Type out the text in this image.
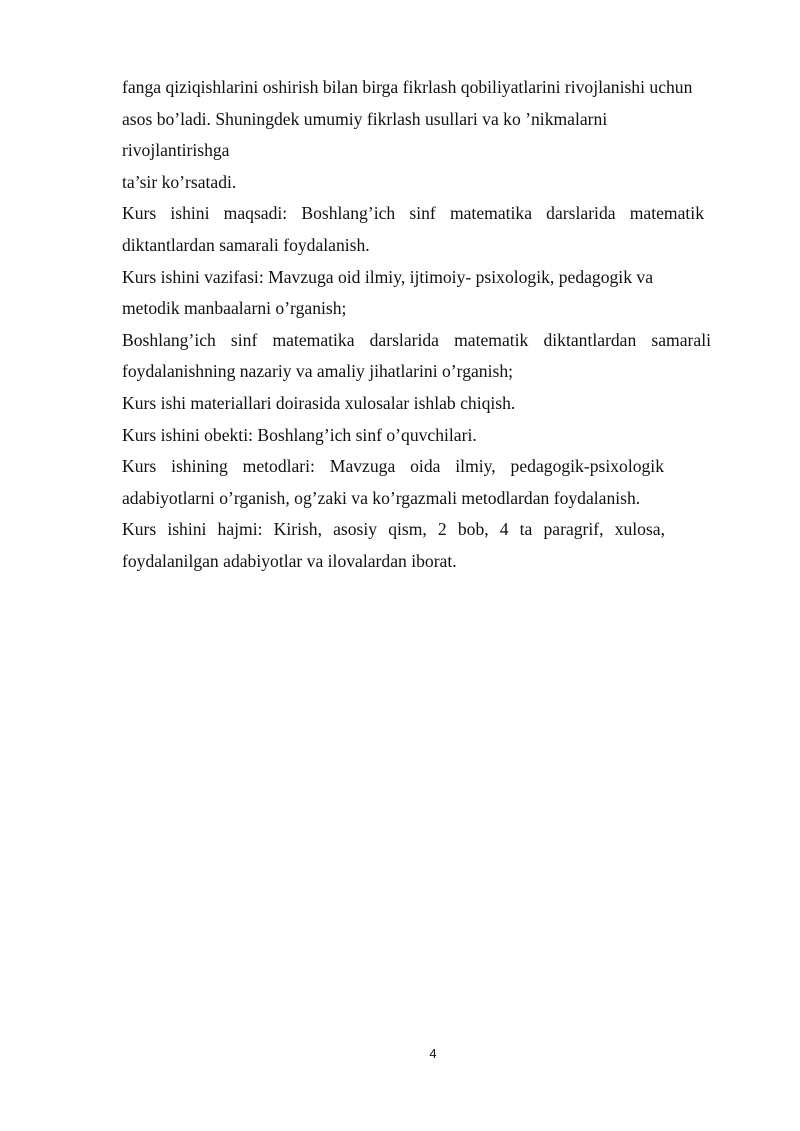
fanga qiziqishlarini oshirish bilan birga fikrlash qobiliyatlarini rivojlanishi uchun
asos bo’ladi. Shuningdek umumiy fikrlash usullari va ko ’nikmalarni
rivojlantirishga
ta’sir ko’rsatadi.
Kurs ishini maqsadi: Boshlang’ich sinf matematika darslarida matematik
diktantlardan samarali foydalanish.
Kurs ishini vazifasi: Mavzuga oid ilmiy, ijtimoiy- psixologik, pedagogik va
metodik manbaalarni o’rganish;
Boshlang’ich sinf matematika darslarida matematik diktantlardan samarali
foydalanishning nazariy va amaliy jihatlarini o’rganish;
Kurs ishi materiallari doirasida xulosalar ishlab chiqish.
Kurs ishini obekti: Boshlang’ich sinf o’quvchilari.
Kurs ishining metodlari: Mavzuga oida ilmiy, pedagogik-psixologik
adabiyotlarni o’rganish, og’zaki va ko’rgazmali metodlardan foydalanish.
Kurs ishini hajmi: Kirish, asosiy qism, 2 bob, 4 ta paragrif, xulosa,
foydalanilgan adabiyotlar va ilovalardan iborat.
4
